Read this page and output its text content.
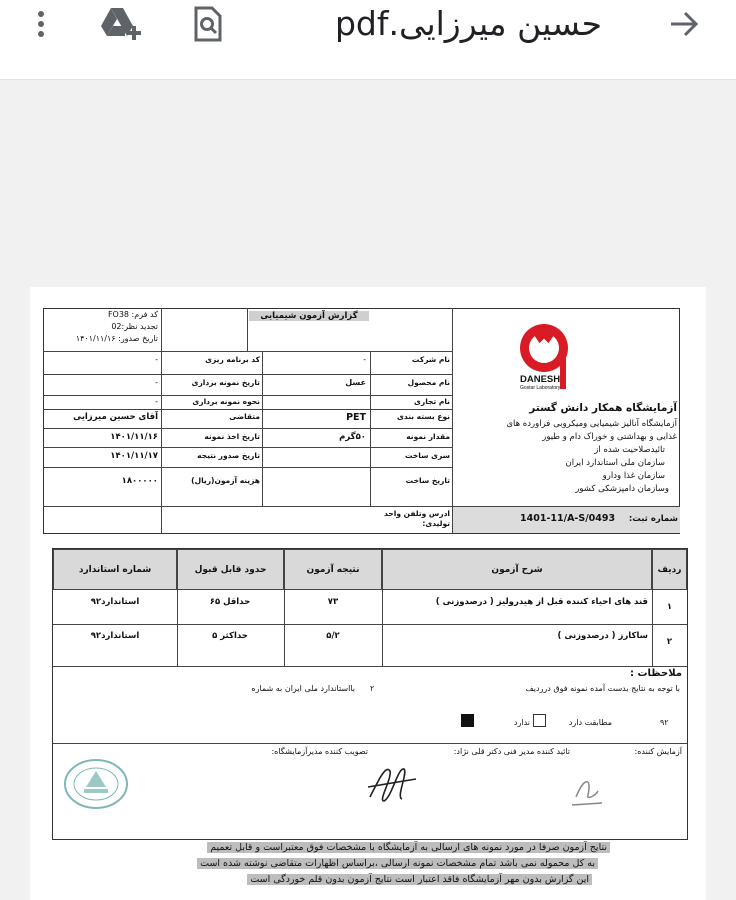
حسین میرزایی.pdf
کد فرم: FO38
تجدید نظر:02
تاریخ صدور: ۱۴۰۱/۱۱/۱۶
گزارش آزمون شیمیایی
نام شرکت
نام محصول
نام تجاری
نوع بسته بندی
مقدار نمونه
سری ساخت
تاریخ ساخت
ادرس وتلفن واحد تولیدی:
-
عسل
PET
۵۰گرم
کد برنامه ریزی
تاریخ نمونه برداری
نحوه نمونه برداری
متقاضی
تاریخ اخذ نمونه
تاریخ صدور نتیجه
هزینه آزمون(ریال)
-
-
-
آقای حسین میرزایی
۱۴۰۱/۱۱/۱۶
۱۴۰۱/۱۱/۱۷
۱۸۰۰۰۰۰
DANESH
Gostar Laboratory
آزمایشگاه همکار دانش گستر
آزمایشگاه آنالیز شیمیایی ومیکروبی فراورده های
غذایی و بهداشتی و خوراک دام و طیور
تائیدصلاحیت شده از
سازمان ملی استاندارد ایران
سازمان غذا ودارو
وسازمان دامپزشکی کشور
شماره ثبت:
1401-11/A-S/0493
ردیف
شرح آزمون
نتیجه آزمون
حدود قابل قبول
شماره استاندارد
۱
قند های احیاء کننده قبل از هیدرولیز ( درصدوزنی )
۷۳
حداقل ۶۵
استاندارد۹۲
۲
ساکارز ( درصدوزنی )
۵/۲
حداکثر ۵
استاندارد۹۲
ملاحظات :
با توجه به نتایج بدست آمده نمونه فوق درردیف
۲
بااستاندارد ملی ایران به شماره
۹۲
مطابقت دارد
ندارد
آزمایش کننده:
تائید کننده مدیر فنی دکتر قلی نژاد:
تصویب کننده مدیرآزمایشگاه:
نتایج آزمون صرفا در مورد نمونه های ارسالی به آزمایشگاه با مشخصات فوق معتبراست و قابل تعمیم
به کل محموله نمی باشد تمام مشخصات نمونه ارسالی ،براساس اظهارات متقاضی نوشته شده است
این گزارش بدون مهر آزمایشگاه فاقد اعتبار است نتایج آزمون بدون قلم خوردگی است
